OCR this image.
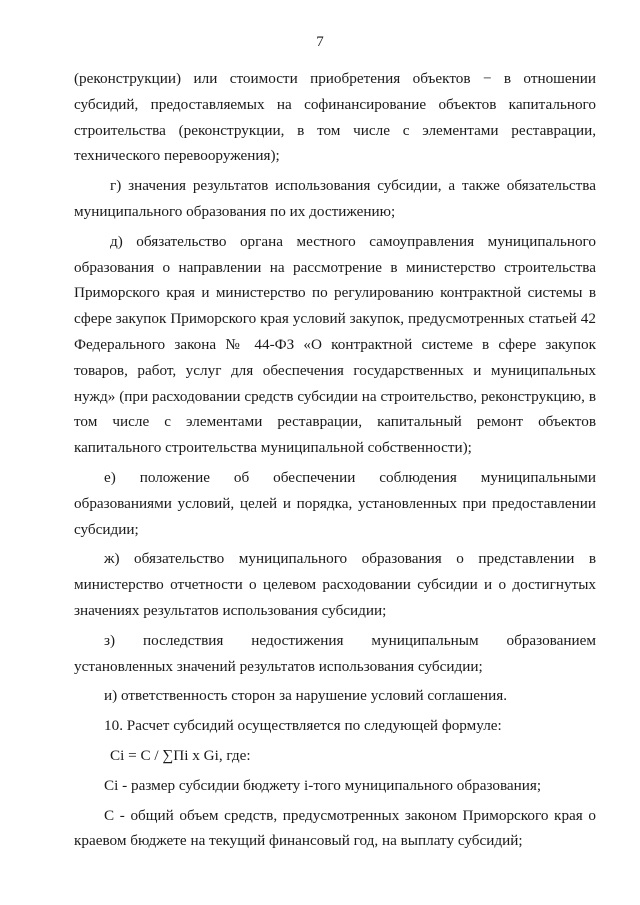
7

(реконструкции) или стоимости приобретения объектов − в отношении субсидий, предоставляемых на софинансирование объектов капитального строительства (реконструкции, в том числе с элементами реставрации, технического перевооружения);

г) значения результатов использования субсидии, а также обязательства муниципального образования по их достижению;

д) обязательство органа местного самоуправления муниципального образования о направлении на рассмотрение в министерство строительства Приморского края и министерство по регулированию контрактной системы в сфере закупок Приморского края условий закупок, предусмотренных статьей 42 Федерального закона № 44-ФЗ «О контрактной системе в сфере закупок товаров, работ, услуг для обеспечения государственных и муниципальных нужд» (при расходовании средств субсидии на строительство, реконструкцию, в том числе с элементами реставрации, капитальный ремонт объектов капитального строительства муниципальной собственности);

е) положение об обеспечении соблюдения муниципальными образованиями условий, целей и порядка, установленных при предоставлении субсидии;

ж) обязательство муниципального образования о представлении в министерство отчетности о целевом расходовании субсидии и о достигнутых значениях результатов использования субсидии;

з) последствия недостижения муниципальным образованием установленных значений результатов использования субсидии;

и) ответственность сторон за нарушение условий соглашения.

10. Расчет субсидий осуществляется по следующей формуле:

Ci = C / ∑Пi x Gi, где:

Ci - размер субсидии бюджету i-того муниципального образования;

C - общий объем средств, предусмотренных законом Приморского края о краевом бюджете на текущий финансовый год, на выплату субсидий;
